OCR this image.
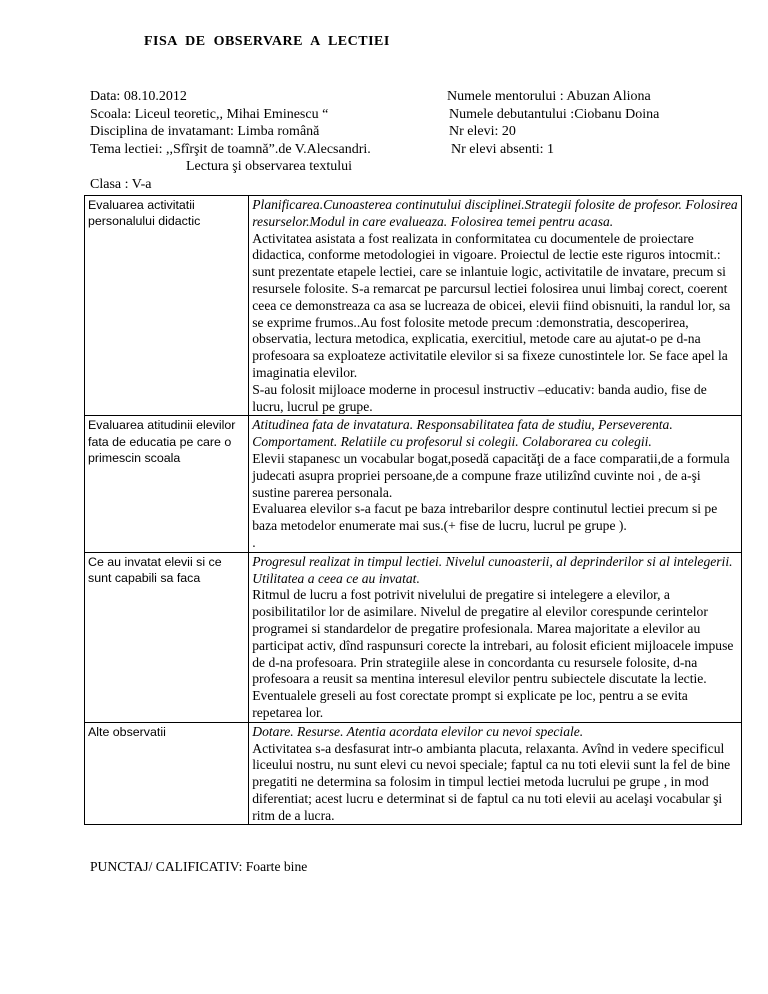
FISA DE OBSERVARE A LECTIEI
Data: 08.10.2012
Scoala: Liceul teoretic,, Mihai Eminescu “
Disciplina de invatamant: Limba română
Tema lectiei: ,,Sfîrşit de toamnă”.de V.Alecsandri.
Lectura şi observarea textului
Clasa : V-a
Numele mentorului : Abuzan Aliona
Numele debutantului :Ciobanu Doina
Nr elevi: 20
Nr elevi absenti: 1
Evaluarea activitatii personalului didactic	Planificarea.Cunoasterea continutului disciplinei.Strategii folosite de profesor. Folosirea resurselor.Modul in care evalueaza. Folosirea temei pentru acasa.

Activitatea asistata a fost realizata in conformitatea cu documentele de proiectare didactica, conforme metodologiei in vigoare. Proiectul de lectie este riguros intocmit.: sunt prezentate etapele lectiei, care se inlantuie logic, activitatile de invatare, precum si resursele folosite. S-a remarcat pe parcursul lectiei folosirea unui limbaj corect, coerent ceea ce demonstreaza ca asa se lucreaza de obicei, elevii fiind obisnuiti, la randul lor, sa se exprime frumos..Au fost folosite metode precum :demonstratia, descoperirea, observatia, lectura metodica, explicatia, exercitiul, metode care au ajutat-o pe d-na profesoara sa exploateze activitatile elevilor si sa fixeze cunostintele lor. Se face apel la imaginatia elevilor.

S-au folosit mijloace moderne in procesul instructiv –educativ: banda audio, fise de lucru, lucrul pe grupe.

Evaluarea atitudinii elevilor fata de educatia pe care o primescin scoala	Atitudinea fata de invatatura. Responsabilitatea fata de studiu, Perseverenta. Comportament. Relatiile cu profesorul si colegii. Colaborarea cu colegii.

Elevii stapanesc un vocabular bogat,posedă capacităţi de a face comparatii,de a formula judecati asupra propriei persoane,de a compune fraze utilizînd cuvinte noi , de a-şi sustine parerea personala.

Evaluarea elevilor s-a facut pe baza intrebarilor despre continutul lectiei precum si pe baza metodelor enumerate mai sus.(+ fise de lucru, lucrul pe grupe ).

.

Ce au invatat elevii si ce sunt capabili sa faca	Progresul realizat in timpul lectiei. Nivelul cunoasterii, al deprinderilor si al intelegerii. Utilitatea a ceea ce au invatat.

Ritmul de lucru a fost potrivit nivelului de pregatire si intelegere a elevilor, a posibilitatilor lor de asimilare. Nivelul de pregatire al elevilor corespunde cerintelor programei si standardelor de pregatire profesionala. Marea majoritate a elevilor au participat activ, dînd raspunsuri corecte la intrebari, au folosit eficient mijloacele impuse de d-na profesoara. Prin strategiile alese in concordanta cu resursele folosite, d-na profesoara a reusit sa mentina interesul elevilor pentru subiectele discutate la lectie. Eventualele greseli au fost corectate prompt si explicate pe loc, pentru a se evita repetarea lor.

Alte observatii	Dotare. Resurse. Atentia acordata elevilor cu nevoi speciale.

Activitatea s-a desfasurat intr-o ambianta placuta, relaxanta. Avînd in vedere specificul liceului nostru, nu sunt elevi cu nevoi speciale; faptul ca nu toti elevii sunt la fel de bine pregatiti ne determina sa folosim in timpul lectiei metoda lucrului pe grupe , in mod diferentiat; acest lucru e determinat si de faptul ca nu toti elevii au acelaşi vocabular şi ritm de a lucra.

PUNCTAJ/ CALIFICATIV: Foarte bine
